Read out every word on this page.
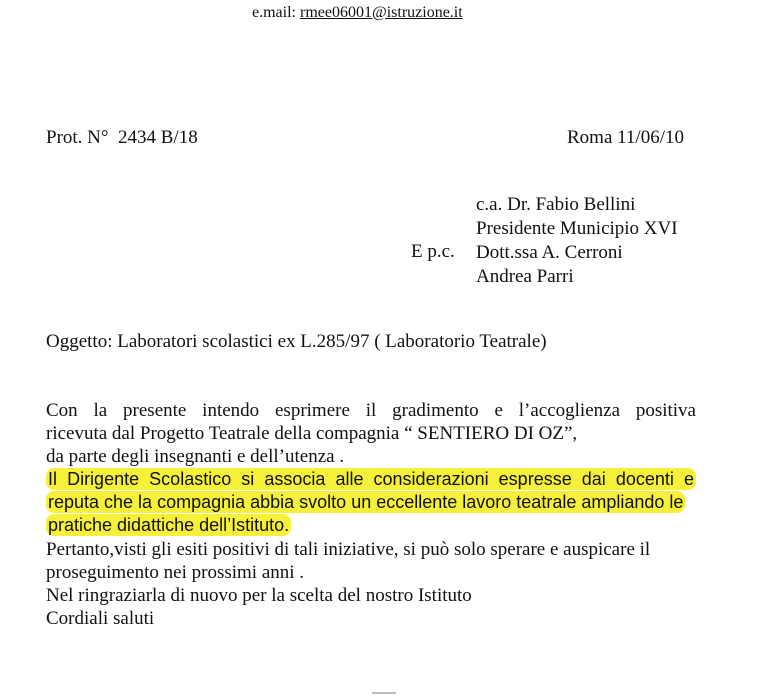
e.mail: rmee06001@istruzione.it
Prot. N° 2434 B/18	Roma 11/06/10
c.a. Dr. Fabio Bellini
Presidente Municipio XVI
E p.c. Dott.ssa A. Cerroni
Andrea Parri
Oggetto: Laboratori scolastici ex L.285/97 ( Laboratorio Teatrale)
Con la presente intendo esprimere il gradimento e l’accoglienza positiva
ricevuta dal Progetto Teatrale della compagnia “ SENTIERO DI OZ”,
da parte degli insegnanti e dell’utenza .
Il Dirigente Scolastico si associa alle considerazioni espresse dai docenti e
reputa che la compagnia abbia svolto un eccellente lavoro teatrale ampliando le
pratiche didattiche dell’Istituto.
Pertanto,visti gli esiti positivi di tali iniziative, si può solo sperare e auspicare il
proseguimento nei prossimi anni .
Nel ringraziarla di nuovo per la scelta del nostro Istituto
Cordiali saluti
